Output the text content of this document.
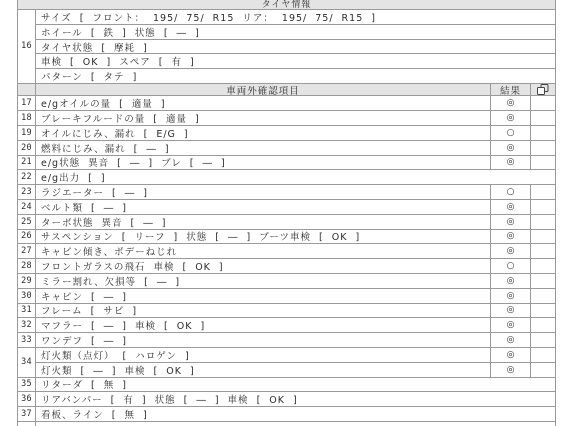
タイヤ情報
16
サイズ [ フロント： 195/ 75/ R15 リア： 195/ 75/ R15 ]
ホイール [ 鉄 ] 状態 [ ― ]
タイヤ状態 [ 摩耗 ]
車検 [ OK ] スペア [ 有 ]
パターン [ タテ ]
車両外確認項目	結果
17 e/gオイルの量 [ 適量 ]	◎
18 ブレーキフルードの量 [ 適量 ]	◎
19 オイルにじみ、漏れ [ E/G ]	○
20 燃料にじみ、漏れ [ ― ]	◎
21 e/g状態 異音 [ ― ] ブレ [ ― ]	◎
22 e/g出力 [ ]
23 ラジエーター [ ― ]	○
24 ベルト類 [ ― ]	◎
25 ターボ状態 異音 [ ― ]	◎
26 サスペンション [ リーフ ] 状態 [ ― ] ブーツ車検 [ OK ]	◎
27 キャビン傾き、ボデーねじれ	◎
28 フロントガラスの飛石 車検 [ OK ]	○
29 ミラー割れ、欠損等 [ ― ]	◎
30 キャビン [ ― ]	◎
31 フレーム [ サビ ]	◎
32 マフラー [ ― ] 車検 [ OK ]	◎
33 ワンデフ [ ― ]	◎
34
灯火類（点灯） [ ハロゲン ]	◎
灯火類 [ ― ] 車検 [ OK ]	◎
35 リターダ [ 無 ]
36 リアバンパー [ 有 ] 状態 [ ― ] 車検 [ OK ]
37 看板、ライン [ 無 ]
